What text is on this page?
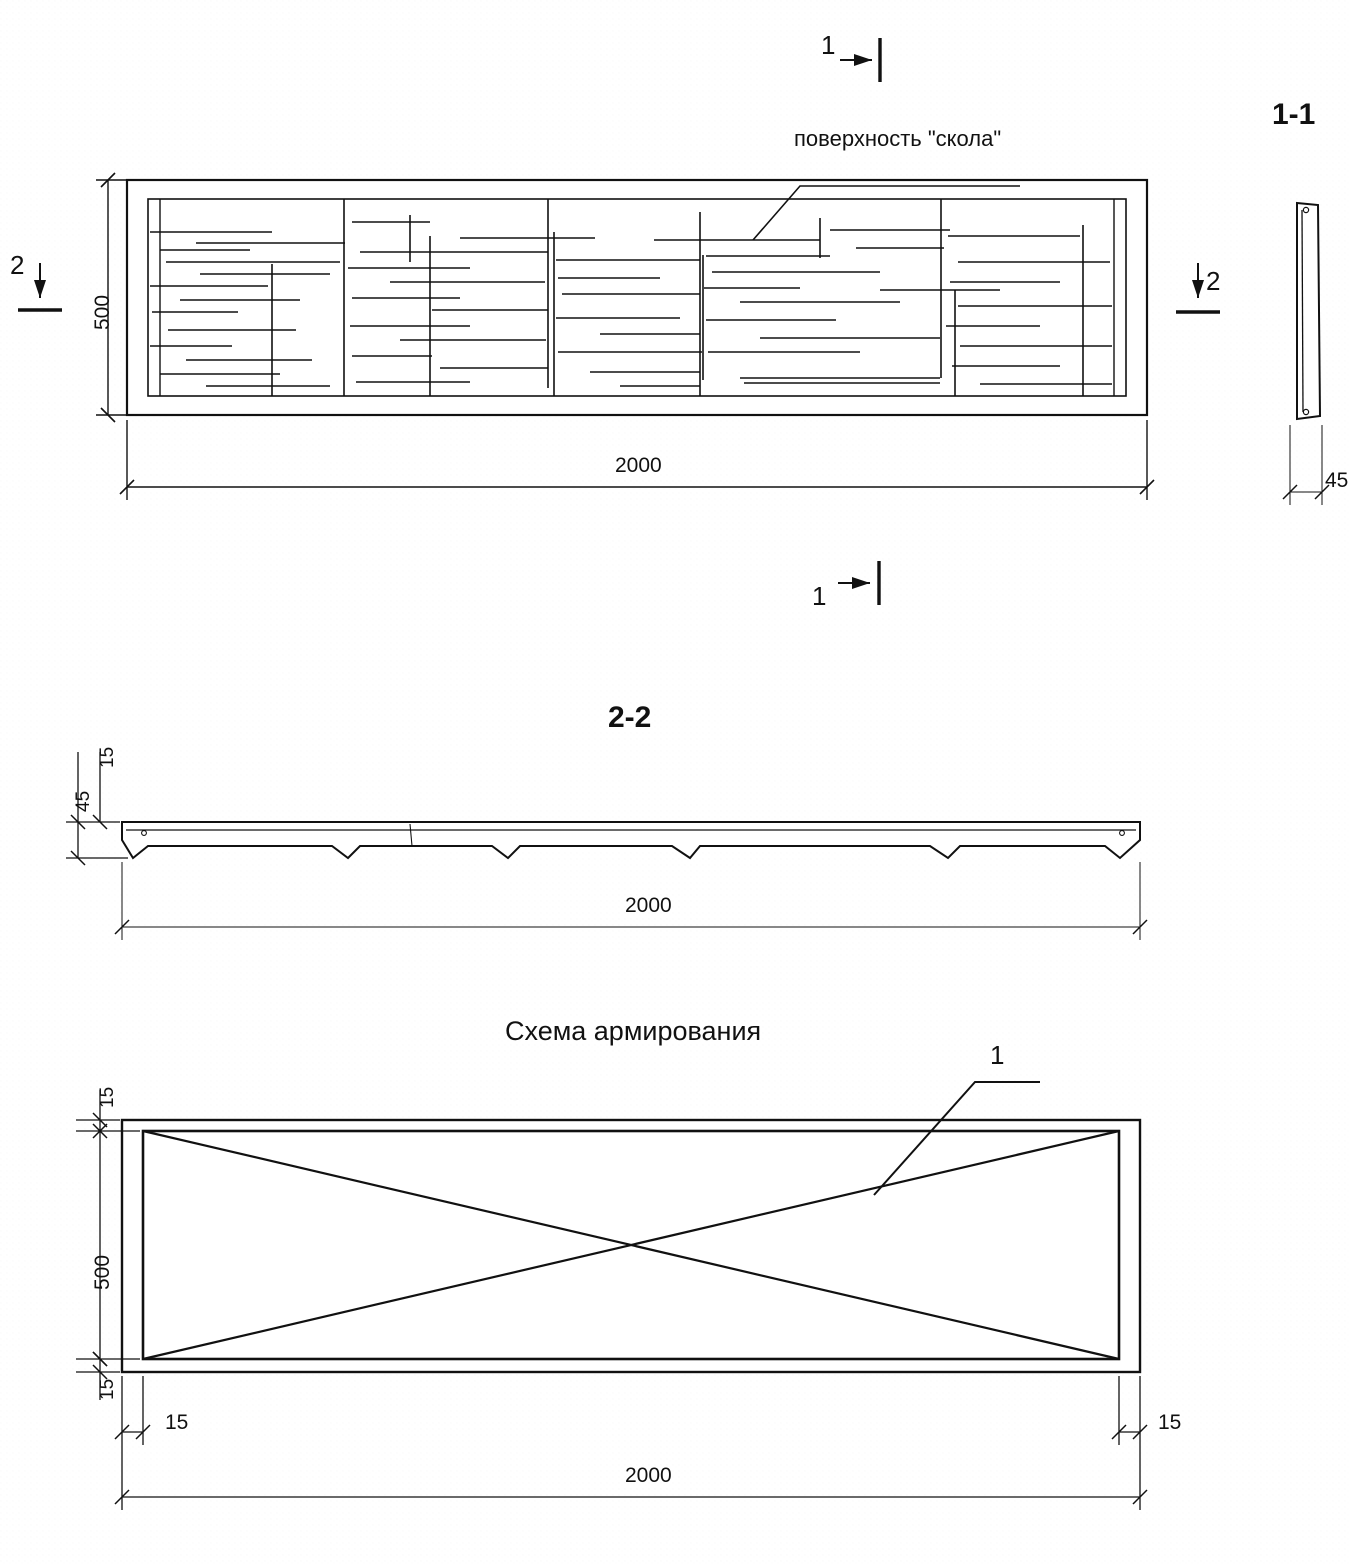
1
1
2
2
поверхность "скола"
1-1
2-2
Схема армирования
500
2000
45
15
45
2000
15
500
15
15	15
2000
1
